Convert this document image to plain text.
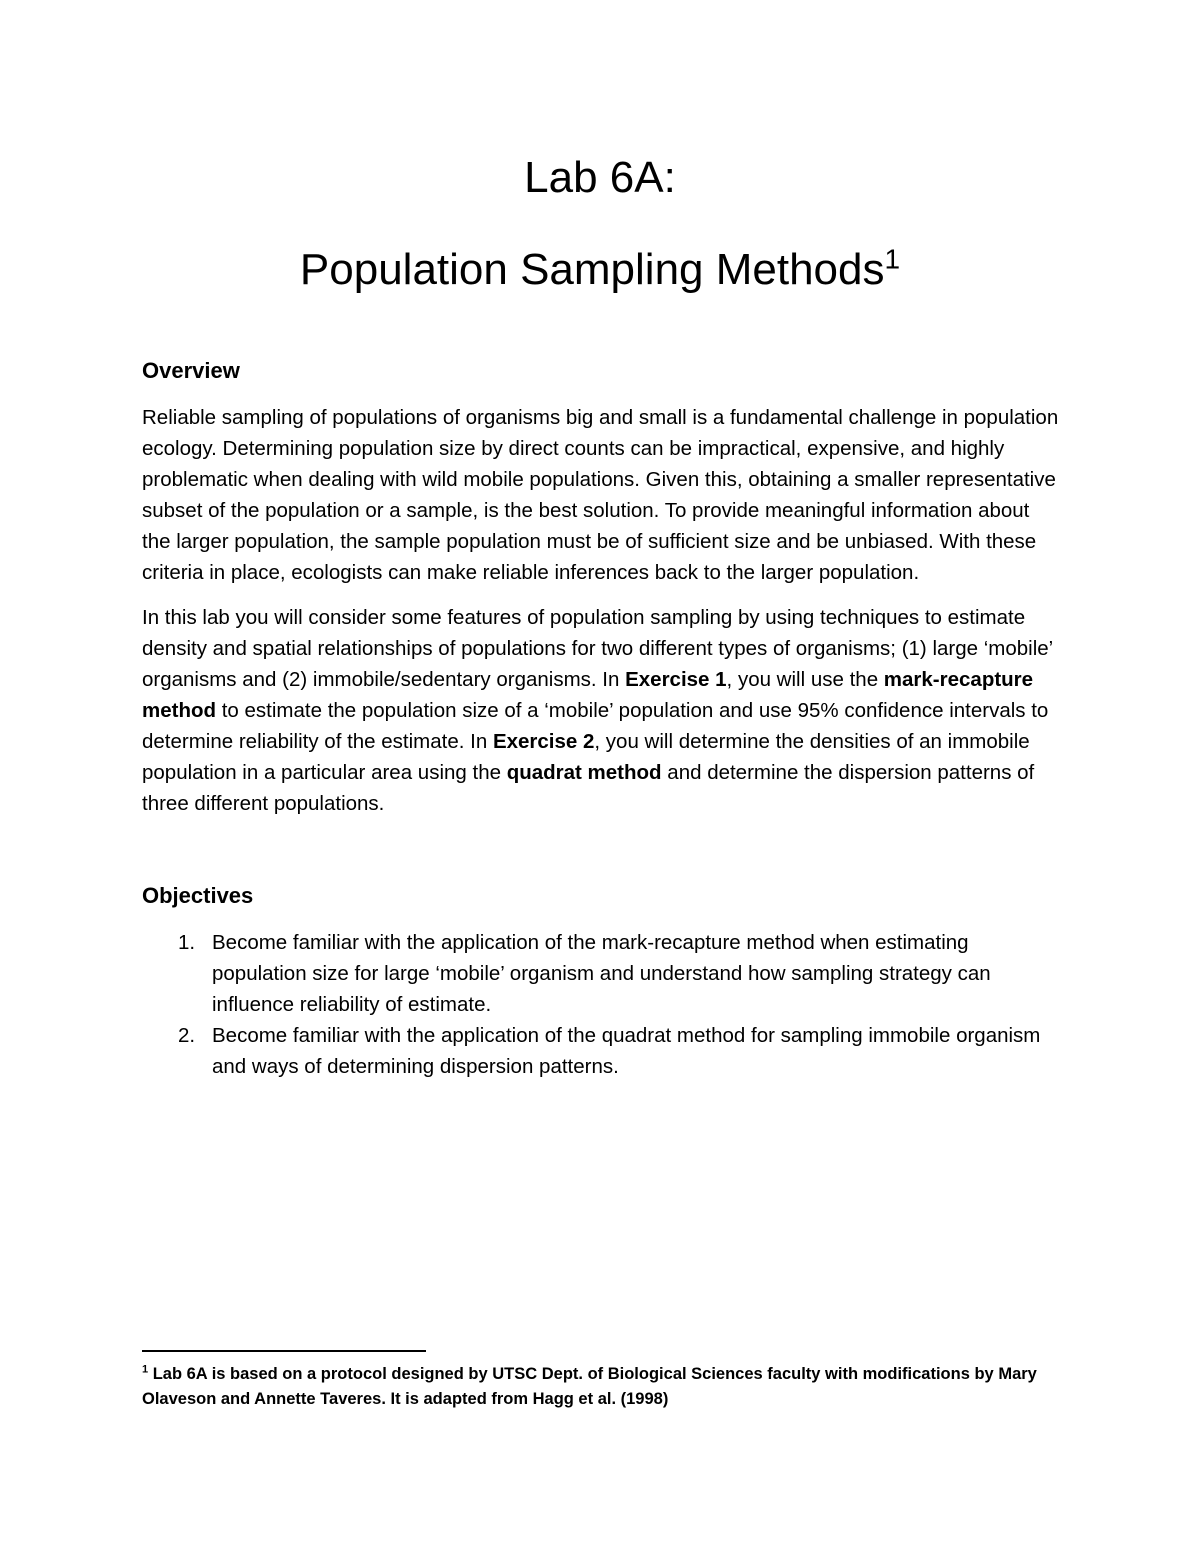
Lab 6A:
Population Sampling Methods$^1$
Overview

Reliable sampling of populations of organisms big and small is a fundamental challenge in population ecology. Determining population size by direct counts can be impractical, expensive, and highly problematic when dealing with wild mobile populations. Given this, obtaining a smaller representative subset of the population or a sample, is the best solution. To provide meaningful information about the larger population, the sample population must be of sufficient size and be unbiased. With these criteria in place, ecologists can make reliable inferences back to the larger population.

In this lab you will consider some features of population sampling by using techniques to estimate density and spatial relationships of populations for two different types of organisms; (1) large ‘mobile’ organisms and (2) immobile/sedentary organisms. In Exercise 1, you will use the mark-recapture method to estimate the population size of a ‘mobile’ population and use 95% confidence intervals to determine reliability of the estimate. In Exercise 2, you will determine the densities of an immobile population in a particular area using the quadrat method and determine the dispersion patterns of three different populations.

Objectives
1. Become familiar with the application of the mark-recapture method when estimating population size for large ‘mobile’ organism and understand how sampling strategy can influence reliability of estimate.
2. Become familiar with the application of the quadrat method for sampling immobile organism and ways of determining dispersion patterns.
$^1$ Lab 6A is based on a protocol designed by UTSC Dept. of Biological Sciences faculty with modifications by Mary Olaveson and Annette Taveres. It is adapted from Hagg et al. (1998)
